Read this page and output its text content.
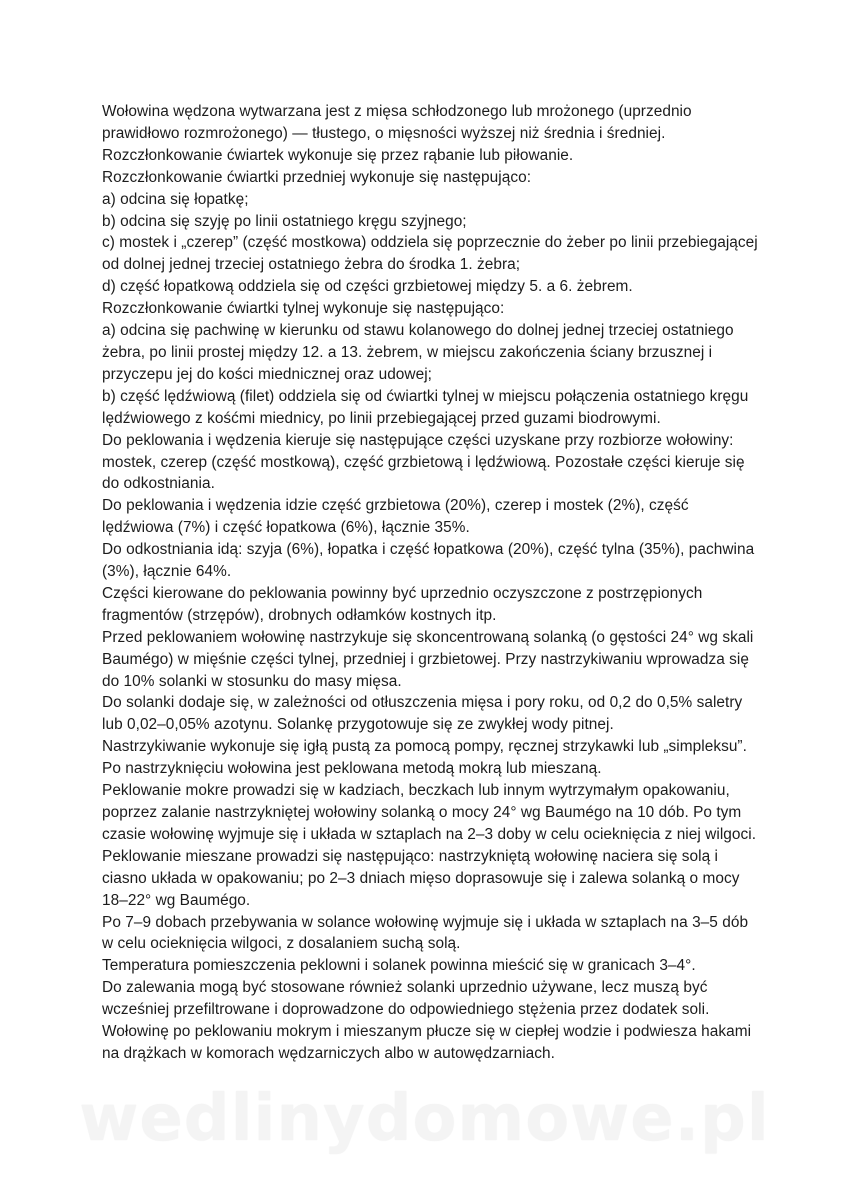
Wołowina wędzona wytwarzana jest z mięsa schłodzonego lub mrożonego (uprzednio prawidłowo rozmrożonego) — tłustego, o mięsności wyższej niż średnia i średniej.

Rozczłonkowanie ćwiartek wykonuje się przez rąbanie lub piłowanie.

Rozczłonkowanie ćwiartki przedniej wykonuje się następująco:

a) odcina się łopatkę;

b) odcina się szyję po linii ostatniego kręgu szyjnego;

c) mostek i „czerep” (część mostkowa) oddziela się poprzecznie do żeber po linii przebiegającej od dolnej jednej trzeciej ostatniego żebra do środka 1. żebra;

d) część łopatkową oddziela się od części grzbietowej między 5. a 6. żebrem.

Rozczłonkowanie ćwiartki tylnej wykonuje się następująco:

a) odcina się pachwinę w kierunku od stawu kolanowego do dolnej jednej trzeciej ostatniego żebra, po linii prostej między 12. a 13. żebrem, w miejscu zakończenia ściany brzusznej i przyczepu jej do kości miednicznej oraz udowej;

b) część lędźwiową (filet) oddziela się od ćwiartki tylnej w miejscu połączenia ostatniego kręgu lędźwiowego z kośćmi miednicy, po linii przebiegającej przed guzami biodrowymi.

Do peklowania i wędzenia kieruje się następujące części uzyskane przy rozbiorze wołowiny: mostek, czerep (część mostkową), część grzbietową i lędźwiową. Pozostałe części kieruje się do odkostniania.

Do peklowania i wędzenia idzie część grzbietowa (20%), czerep i mostek (2%), część lędźwiowa (7%) i część łopatkowa (6%), łącznie 35%.

Do odkostniania idą: szyja (6%), łopatka i część łopatkowa (20%), część tylna (35%), pachwina (3%), łącznie 64%.

Części kierowane do peklowania powinny być uprzednio oczyszczone z postrzępionych fragmentów (strzępów), drobnych odłamków kostnych itp.

Przed peklowaniem wołowinę nastrzykuje się skoncentrowaną solanką (o gęstości 24° wg skali Baumégo) w mięśnie części tylnej, przedniej i grzbietowej. Przy nastrzykiwaniu wprowadza się do 10% solanki w stosunku do masy mięsa.

Do solanki dodaje się, w zależności od otłuszczenia mięsa i pory roku, od 0,2 do 0,5% saletry lub 0,02–0,05% azotynu. Solankę przygotowuje się ze zwykłej wody pitnej.

Nastrzykiwanie wykonuje się igłą pustą za pomocą pompy, ręcznej strzykawki lub „simpleksu”.

Po nastrzyknięciu wołowina jest peklowana metodą mokrą lub mieszaną.

Peklowanie mokre prowadzi się w kadziach, beczkach lub innym wytrzymałym opakowaniu, poprzez zalanie nastrzykniętej wołowiny solanką o mocy 24° wg Baumégo na 10 dób. Po tym czasie wołowinę wyjmuje się i układa w sztaplach na 2–3 doby w celu ocieknięcia z niej wilgoci.

Peklowanie mieszane prowadzi się następująco: nastrzykniętą wołowinę naciera się solą i ciasno układa w opakowaniu; po 2–3 dniach mięso doprasowuje się i zalewa solanką o mocy 18–22° wg Baumégo.

Po 7–9 dobach przebywania w solance wołowinę wyjmuje się i układa w sztaplach na 3–5 dób w celu ocieknięcia wilgoci, z dosalaniem suchą solą.

Temperatura pomieszczenia peklowni i solanek powinna mieścić się w granicach 3–4°.

Do zalewania mogą być stosowane również solanki uprzednio używane, lecz muszą być wcześniej przefiltrowane i doprowadzone do odpowiedniego stężenia przez dodatek soli.

Wołowinę po peklowaniu mokrym i mieszanym płucze się w ciepłej wodzie i podwiesza hakami na drążkach w komorach wędzarniczych albo w autowędzarniach.

wedlinydomowe.pl
